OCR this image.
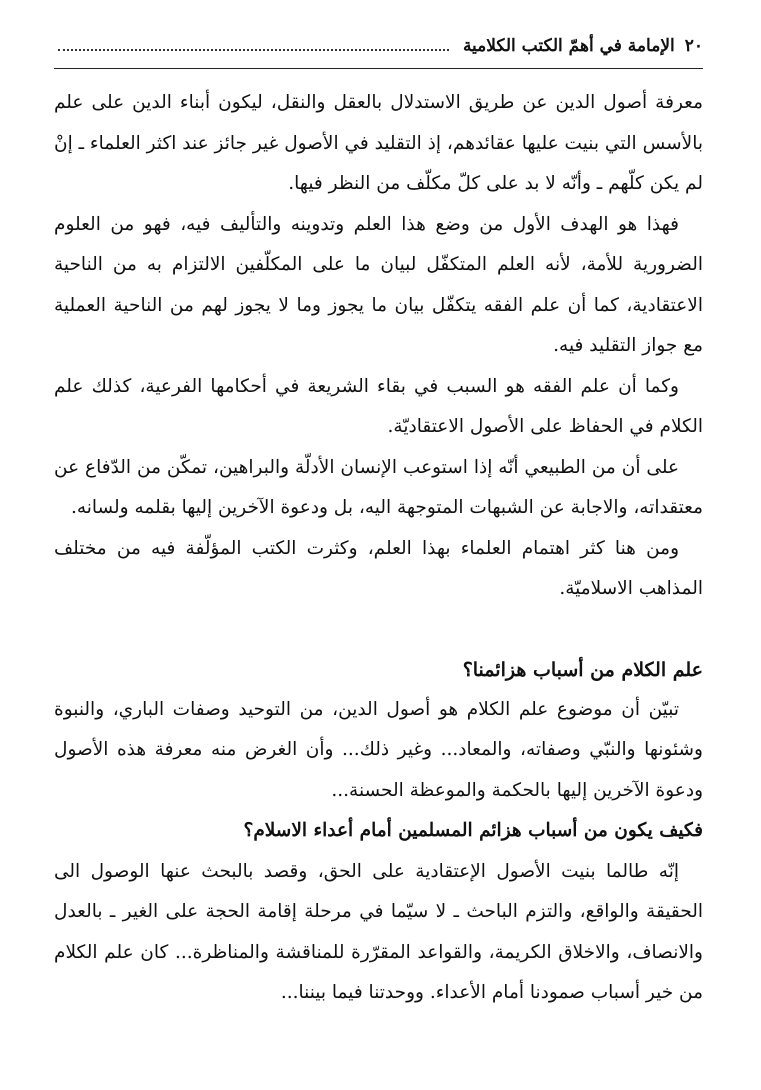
٢٠
الإمامة في أهمّ الكتب الكلامية

معرفة أصول الدين عن طريق الاستدلال بالعقل والنقل، ليكون أبناء الدين على علم بالأسس التي بنيت عليها عقائدهم، إذ التقليد في الأصول غير جائز عند اكثر العلماء ـ إنْ لم يكن كلّهم ـ وأنّه لا بد على كلّ مكلّف من النظر فيها.

فهذا هو الهدف الأول من وضع هذا العلم وتدوينه والتأليف فيه، فهو من العلوم الضرورية للأمة، لأنه العلم المتكفّل لبيان ما على المكلّفين الالتزام به من الناحية الاعتقادية، كما أن علم الفقه يتكفّل بيان ما يجوز وما لا يجوز لهم من الناحية العملية مع جواز التقليد فيه.

وكما أن علم الفقه هو السبب في بقاء الشريعة في أحكامها الفرعية، كذلك علم الكلام في الحفاظ على الأصول الاعتقاديّة.

على أن من الطبيعي أنّه إذا استوعب الإنسان الأدلّة والبراهين، تمكّن من الدّفاع عن معتقداته، والاجابة عن الشبهات المتوجهة اليه، بل ودعوة الآخرين إليها بقلمه ولسانه.

ومن هنا كثر اهتمام العلماء بهذا العلم، وكثرت الكتب المؤلّفة فيه من مختلف المذاهب الاسلاميّة.

علم الكلام من أسباب هزائمنا؟

تبيّن أن موضوع علم الكلام هو أصول الدين، من التوحيد وصفات الباري، والنبوة وشئونها والنبّي وصفاته، والمعاد... وغير ذلك... وأن الغرض منه معرفة هذه الأصول ودعوة الآخرين إليها بالحكمة والموعظة الحسنة...

فكيف يكون من أسباب هزائم المسلمين أمام أعداء الاسلام؟

إنّه طالما بنيت الأصول الإعتقادية على الحق، وقصد بالبحث عنها الوصول الى الحقيقة والواقع، والتزم الباحث ـ لا سيّما في مرحلة إقامة الحجة على الغير ـ بالعدل والانصاف، والاخلاق الكريمة، والقواعد المقرّرة للمناقشة والمناظرة... كان علم الكلام من خير أسباب صمودنا أمام الأعداء. ووحدتنا فيما بيننا...
